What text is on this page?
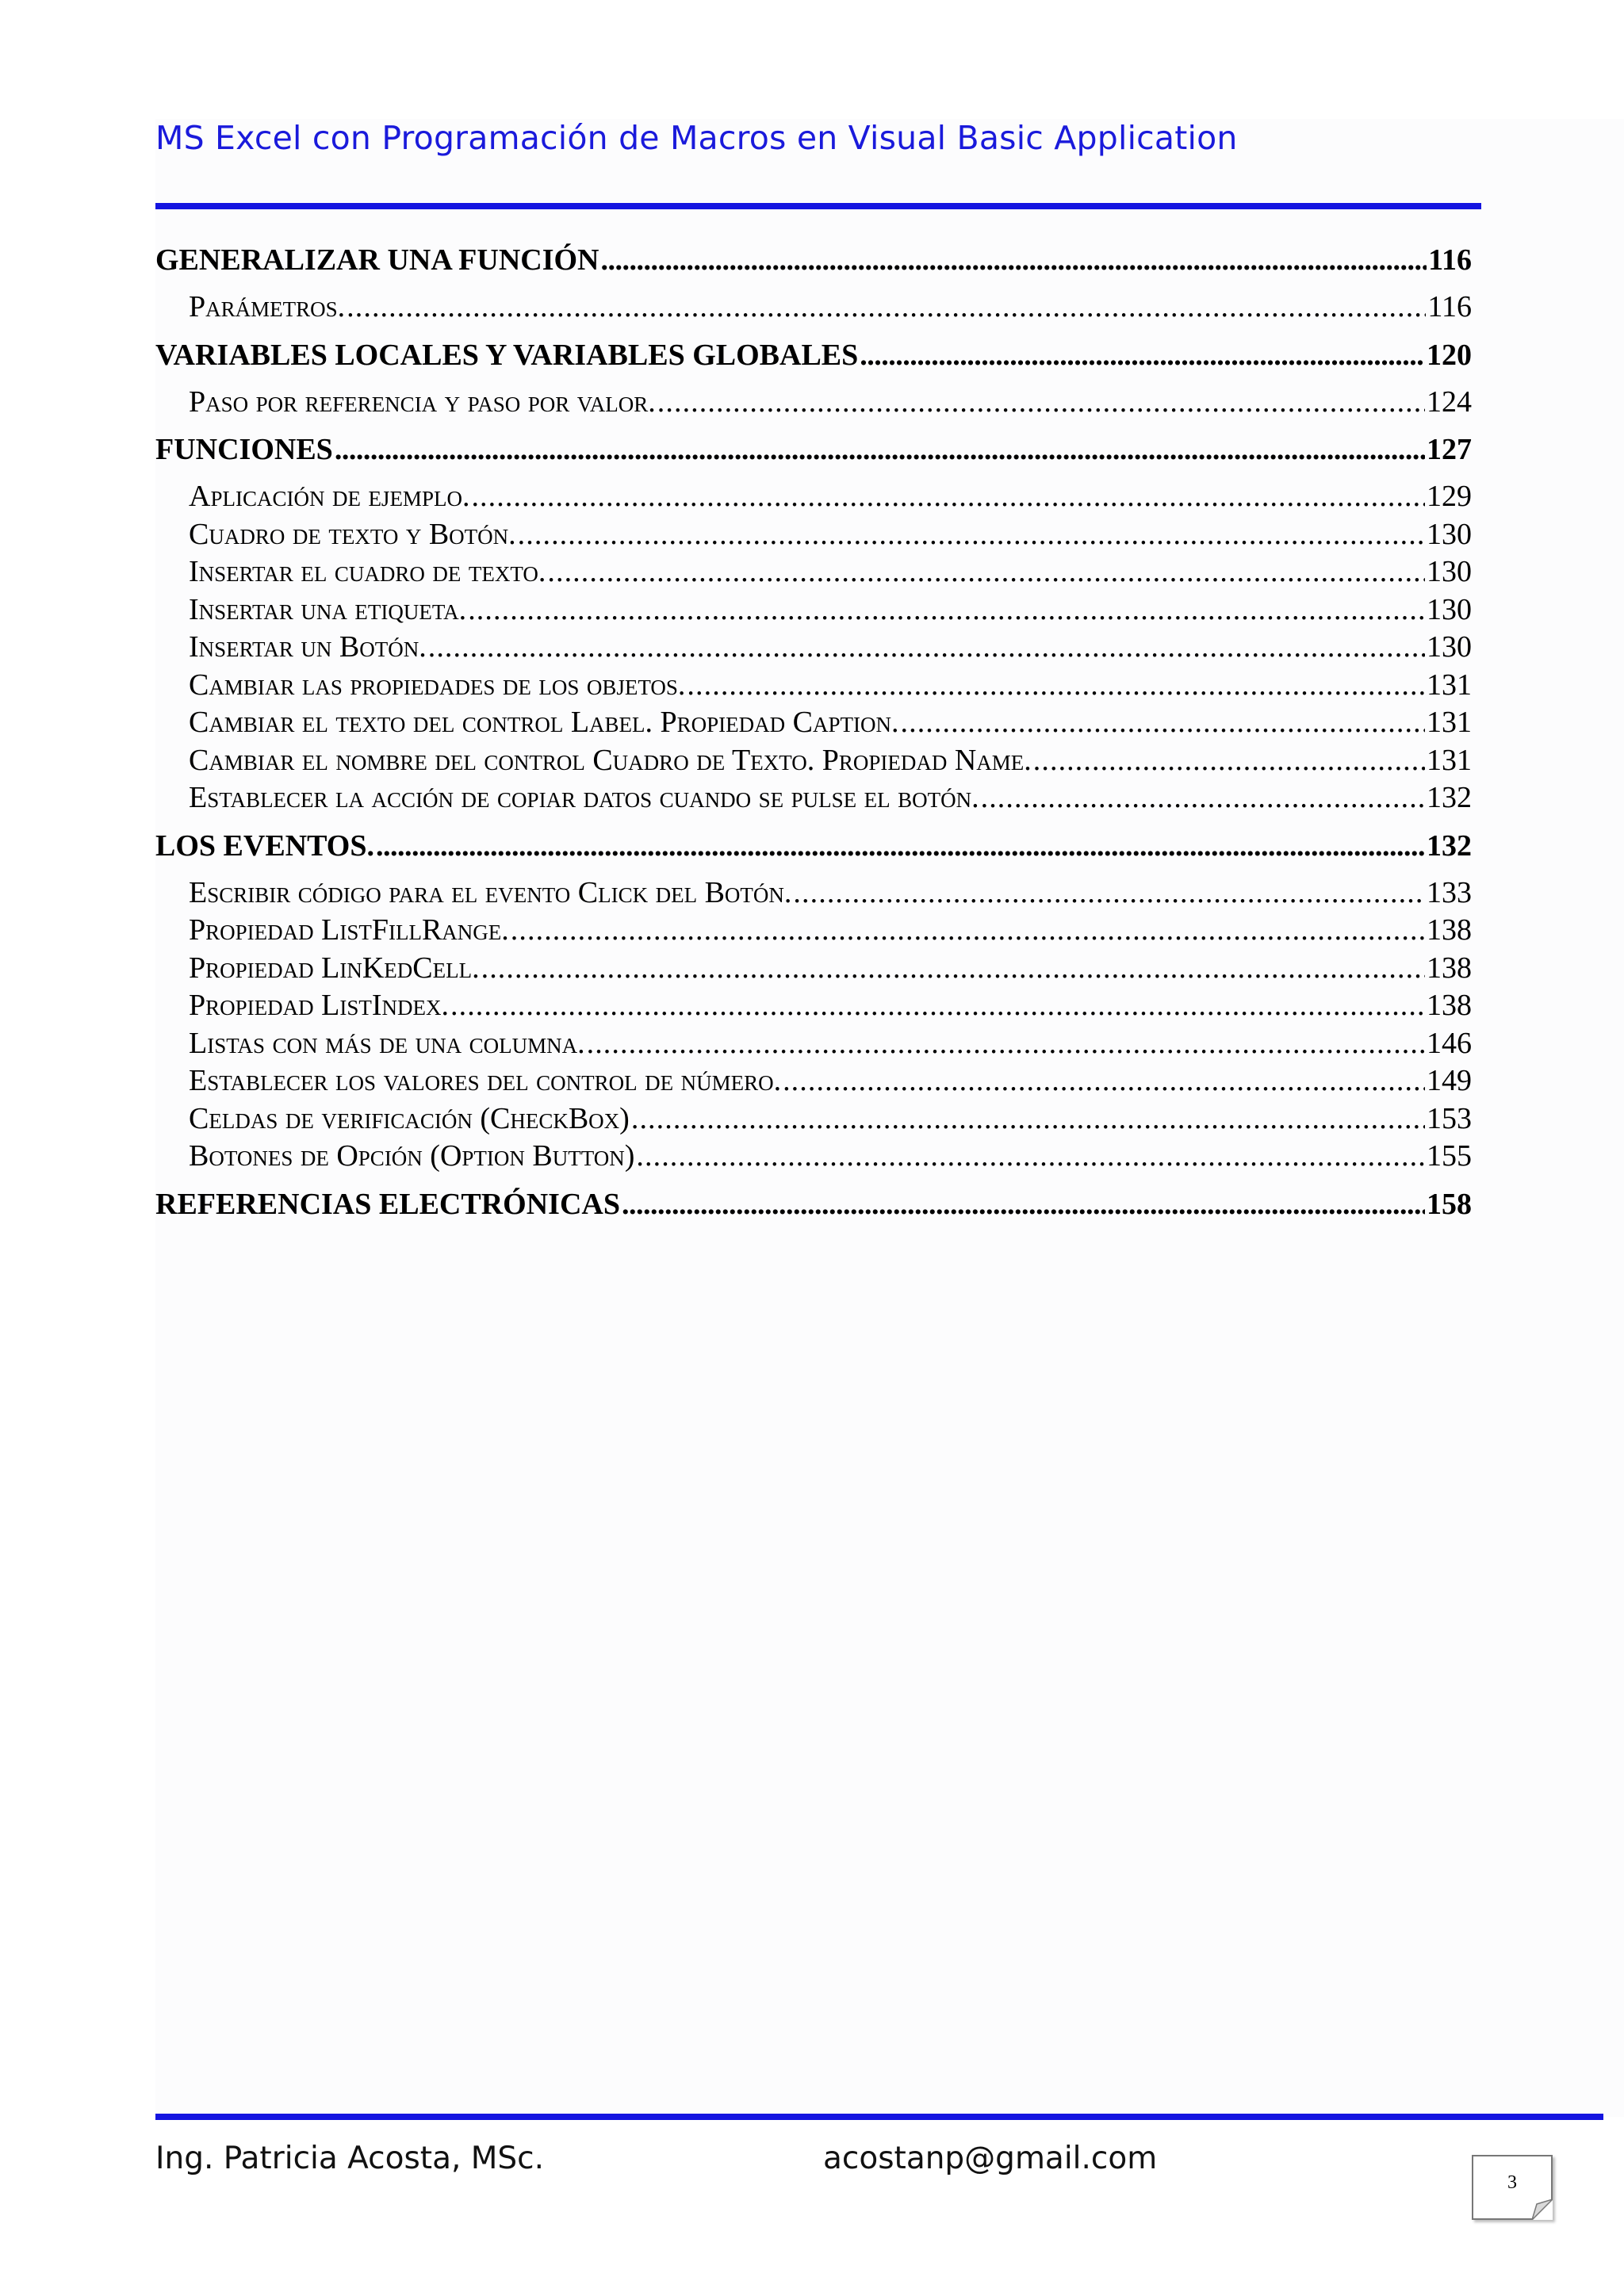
MS Excel con Programación de Macros en Visual Basic Application
GENERALIZAR UNA FUNCIÓN . . .	116
Parámetros. . . .	116
VARIABLES LOCALES Y VARIABLES GLOBALES . . .	120
Paso por referencia y paso por valor. . . .	124
FUNCIONES . . .	127
Aplicación de ejemplo. . . .	129
Cuadro de texto y Botón. . . .	130
Insertar el cuadro de texto. . . .	130
Insertar una etiqueta. . . .	130
Insertar un Botón. . . .	130
Cambiar las propiedades de los objetos. . . .	131
Cambiar el texto del control Label. Propiedad Caption. . . .	131
Cambiar el nombre del control Cuadro de Texto. Propiedad Name. . . .	131
Establecer la acción de copiar datos cuando se pulse el botón. . . .	132
LOS EVENTOS. . . .	132
Escribir código para el evento Click del Botón. . . .	133
Propiedad ListFillRange. . . .	138
Propiedad LinKedCell. . . .	138
Propiedad ListIndex. . . .	138
Listas con más de una columna. . . .	146
Establecer los valores del control de número. . . .	149
Celdas de verificación (CheckBox) . . .	153
Botones de Opción (Option Button) . . .	155
REFERENCIAS ELECTRÓNICAS . . .	158
Ing. Patricia Acosta, MSc.	acostanp@gmail.com
3
